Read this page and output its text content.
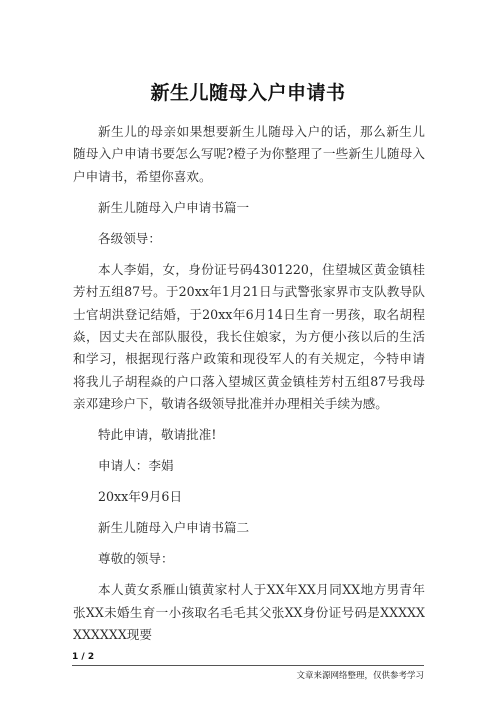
新生儿随母入户申请书

新生儿的母亲如果想要新生儿随母入户的话，那么新生儿随母入户申请书要怎么写呢?橙子为你整理了一些新生儿随母入户申请书，希望你喜欢。

新生儿随母入户申请书篇一

各级领导：

本人李娟，女，身份证号码4301220，住望城区黄金镇桂芳村五组87号。于20xx年1月21日与武警张家界市支队教导队士官胡洪登记结婚，于20xx年6月14日生育一男孩，取名胡程焱，因丈夫在部队服役，我长住娘家，为方便小孩以后的生活和学习，根据现行落户政策和现役军人的有关规定，今特申请将我儿子胡程焱的户口落入望城区黄金镇桂芳村五组87号我母亲邓建珍户下，敬请各级领导批准并办理相关手续为感。

特此申请，敬请批准!

申请人：李娟

20xx年9月6日

新生儿随母入户申请书篇二

尊敬的领导：

本人黄女系雁山镇黄家村人于XX年XX月同XX地方男青年张XX未婚生育一小孩取名毛毛其父张XX身份证号码是XXXXXXXXXXX现要

1 / 2
文章来源网络整理，仅供参考学习
